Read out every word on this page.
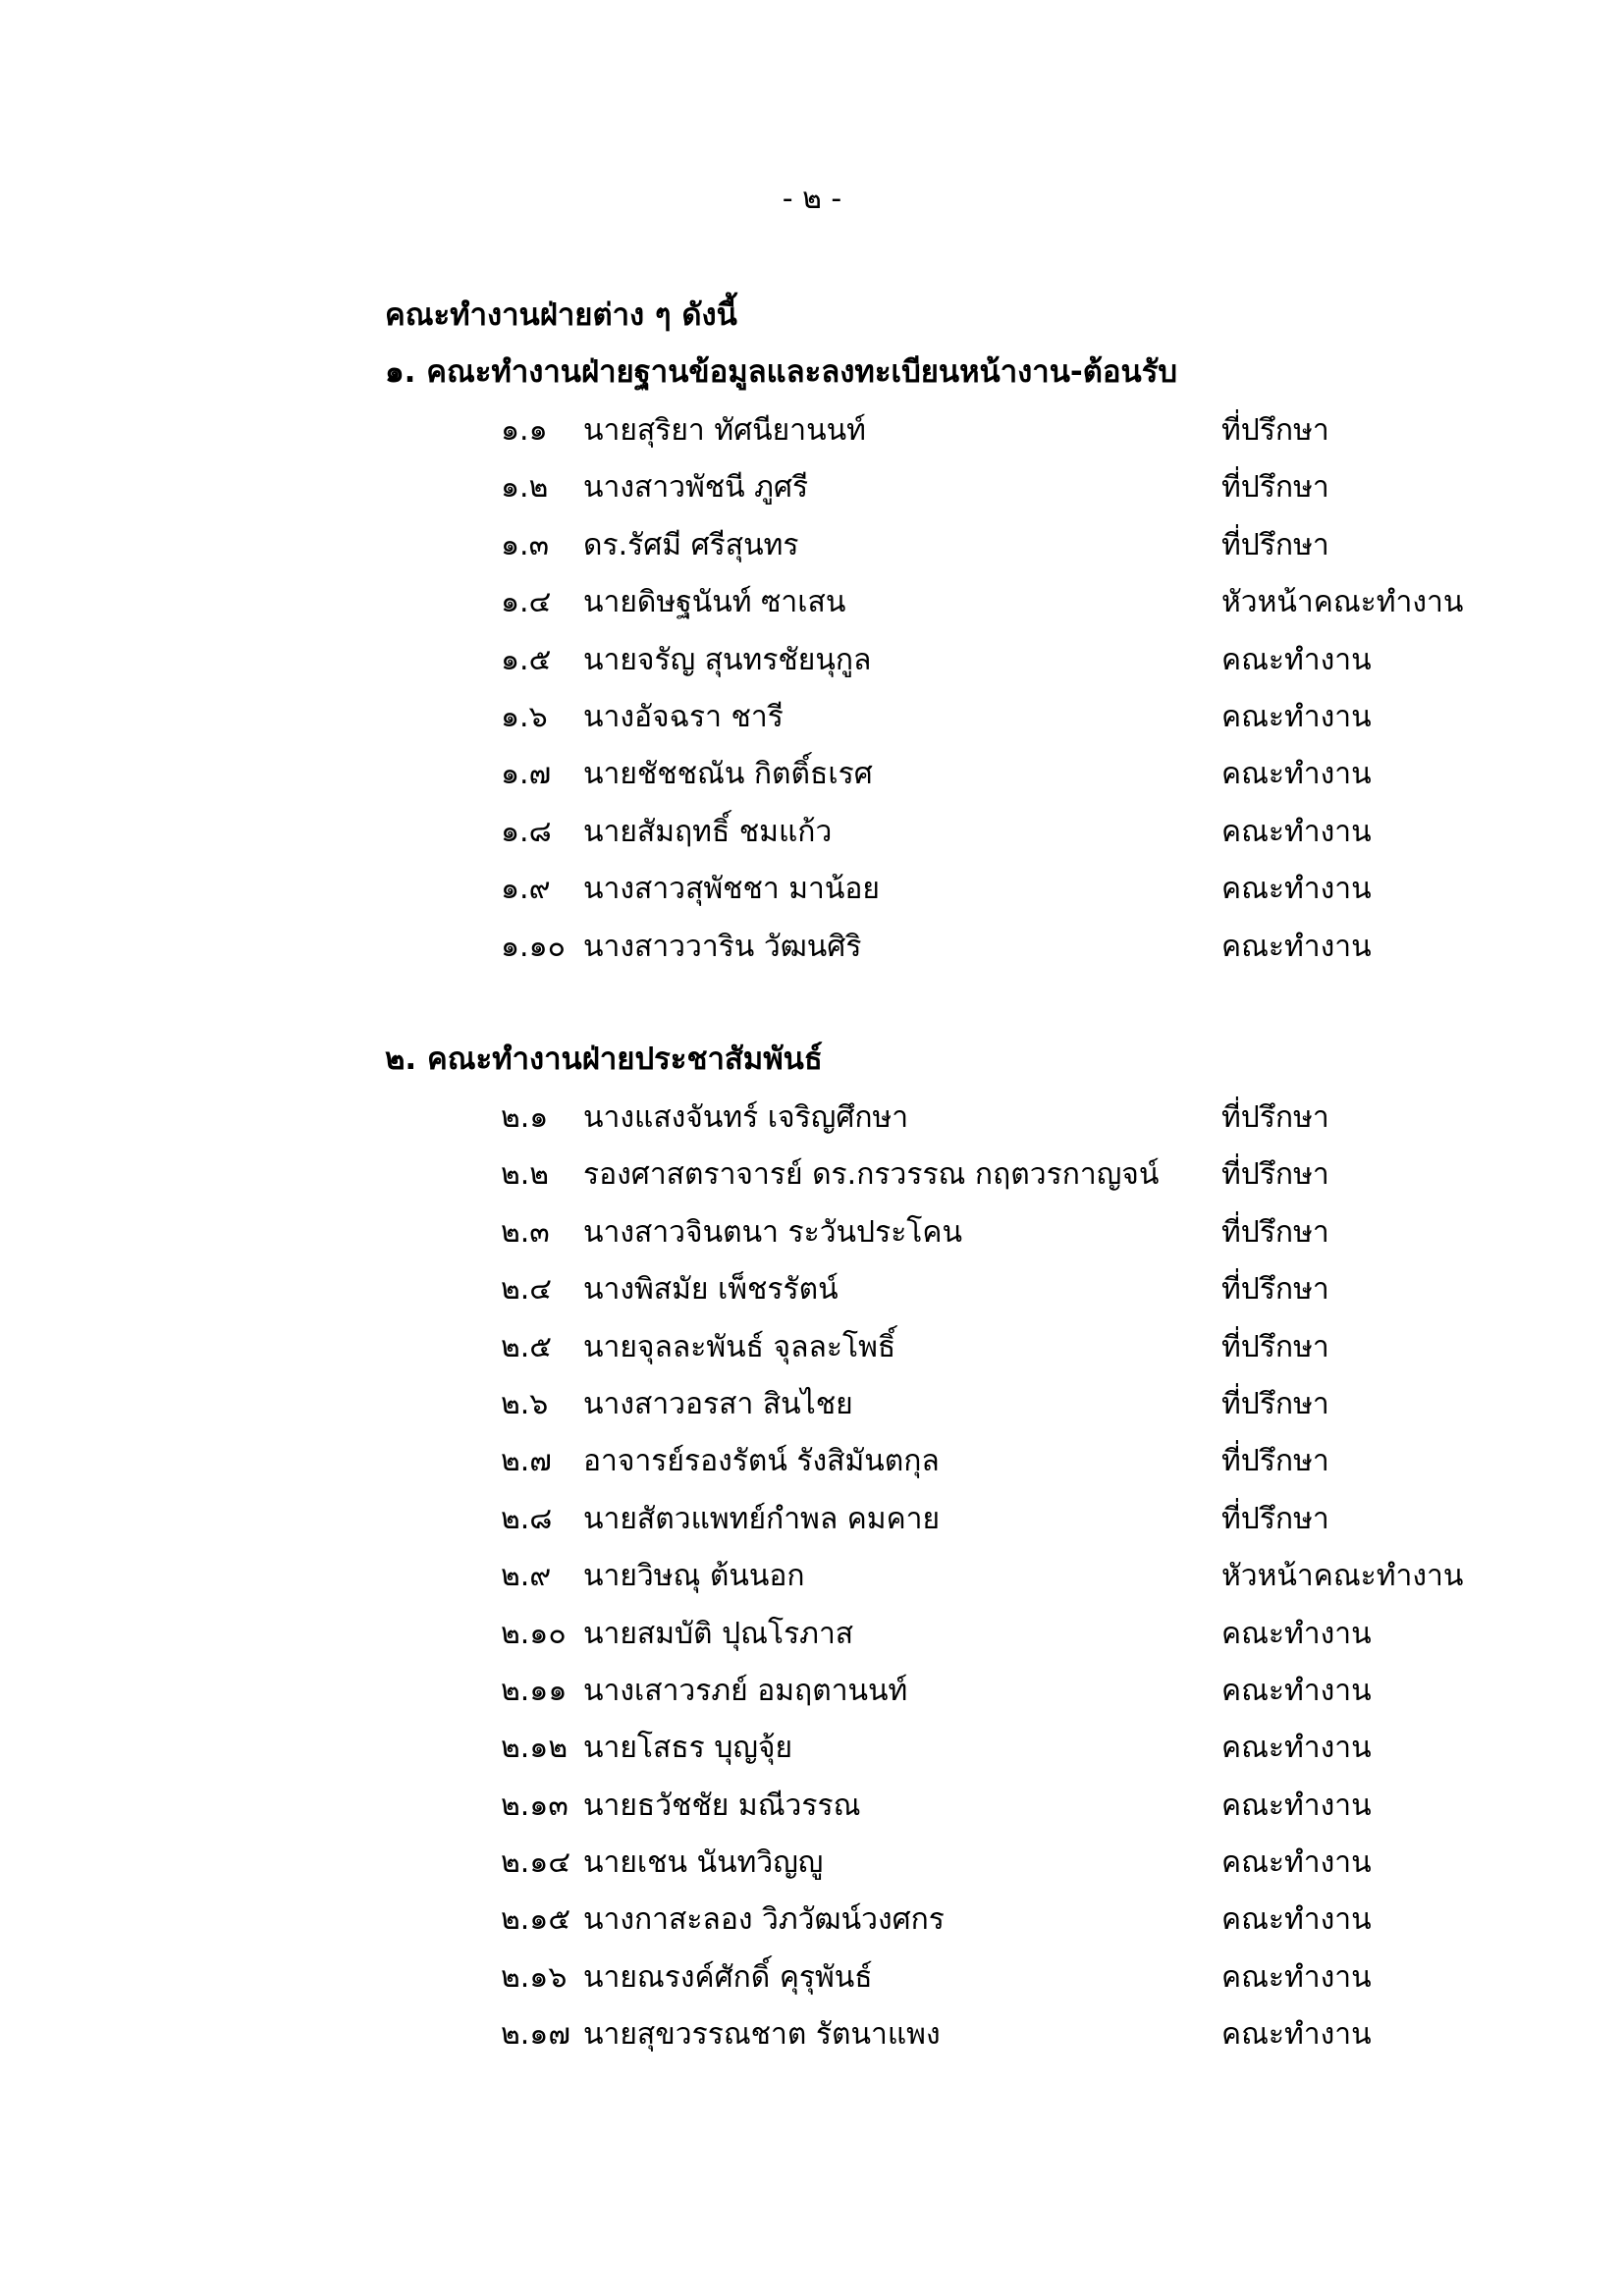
- ๒ -
คณะทำงานฝ่ายต่าง ๆ ดังนี้
๑. คณะทำงานฝ่ายฐานข้อมูลและลงทะเบียนหน้างาน-ต้อนรับ
๑.๑ นายสุริยา ทัศนียานนท์	ที่ปรึกษา
๑.๒ นางสาวพัชนี ภูศรี	ที่ปรึกษา
๑.๓ ดร.รัศมี ศรีสุนทร	ที่ปรึกษา
๑.๔ นายดิษฐนันท์ ซาเสน	หัวหน้าคณะทำงาน
๑.๕ นายจรัญ สุนทรชัยนุกูล	คณะทำงาน
๑.๖ นางอัจฉรา ชารี	คณะทำงาน
๑.๗ นายชัชชณัน กิตติ์ธเรศ	คณะทำงาน
๑.๘ นายสัมฤทธิ์ ชมแก้ว	คณะทำงาน
๑.๙ นางสาวสุพัชชา มาน้อย	คณะทำงาน
๑.๑๐ นางสาววาริน วัฒนศิริ	คณะทำงาน
๒. คณะทำงานฝ่ายประชาสัมพันธ์
๒.๑ นางแสงจันทร์ เจริญศึกษา	ที่ปรึกษา
๒.๒ รองศาสตราจารย์ ดร.กรวรรณ กฤตวรกาญจน์ ที่ปรึกษา
๒.๓ นางสาวจินตนา ระวันประโคน	ที่ปรึกษา
๒.๔ นางพิสมัย เพ็ชรรัตน์	ที่ปรึกษา
๒.๕ นายจุลละพันธ์ จุลละโพธิ์	ที่ปรึกษา
๒.๖ นางสาวอรสา สินไชย	ที่ปรึกษา
๒.๗ อาจารย์รองรัตน์ รังสิมันตกุล	ที่ปรึกษา
๒.๘ นายสัตวแพทย์กำพล คมคาย	ที่ปรึกษา
๒.๙ นายวิษณุ ต้นนอก	หัวหน้าคณะทำงาน
๒.๑๐ นายสมบัติ ปุณโรภาส	คณะทำงาน
๒.๑๑ นางเสาวรภย์ อมฤตานนท์	คณะทำงาน
๒.๑๒ นายโสธร บุญจุ้ย	คณะทำงาน
๒.๑๓ นายธวัชชัย มณีวรรณ	คณะทำงาน
๒.๑๔ นายเชน นันทวิญญู	คณะทำงาน
๒.๑๕ นางกาสะลอง วิภวัฒน์วงศกร	คณะทำงาน
๒.๑๖ นายณรงค์ศักดิ์ คุรุพันธ์	คณะทำงาน
๒.๑๗ นายสุขวรรณชาต รัตนาแพง	คณะทำงาน
